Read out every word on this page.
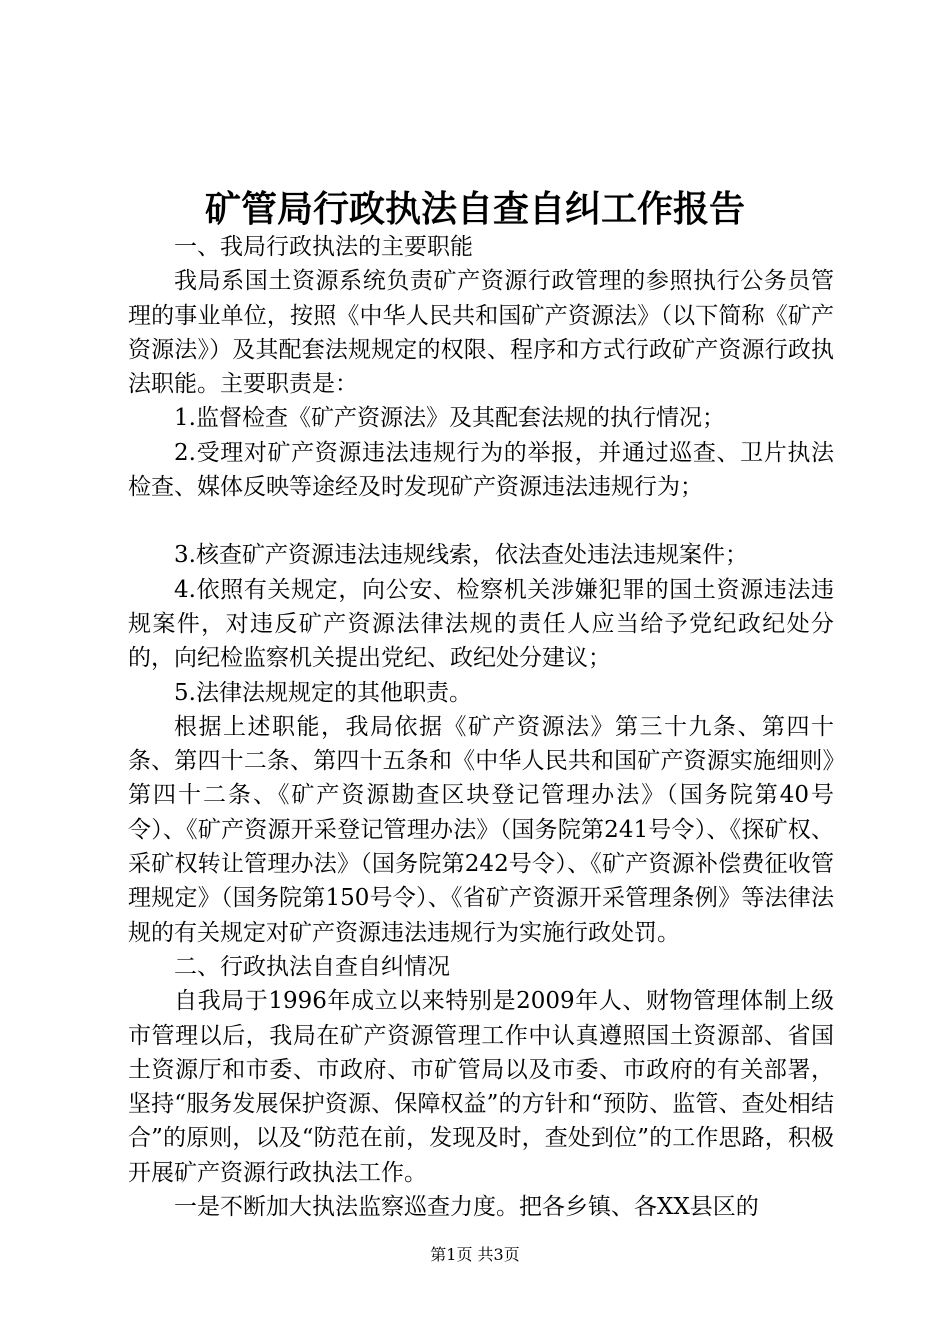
矿管局行政执法自查自纠工作报告

一、我局行政执法的主要职能

我局系国土资源系统负责矿产资源行政管理的参照执行公务员管理的事业单位，按照《中华人民共和国矿产资源法》（以下简称《矿产资源法》）及其配套法规规定的权限、程序和方式行政矿产资源行政执法职能。主要职责是：

1.监督检查《矿产资源法》及其配套法规的执行情况；

2.受理对矿产资源违法违规行为的举报，并通过巡查、卫片执法检查、媒体反映等途经及时发现矿产资源违法违规行为；

3.核查矿产资源违法违规线索，依法查处违法违规案件；

4.依照有关规定，向公安、检察机关涉嫌犯罪的国土资源违法违规案件，对违反矿产资源法律法规的责任人应当给予党纪政纪处分的，向纪检监察机关提出党纪、政纪处分建议；

5.法律法规规定的其他职责。

根据上述职能，我局依据《矿产资源法》第三十九条、第四十条、第四十二条、第四十五条和《中华人民共和国矿产资源实施细则》第四十二条、《矿产资源勘查区块登记管理办法》（国务院第40号令）、《矿产资源开采登记管理办法》（国务院第241号令）、《探矿权、采矿权转让管理办法》（国务院第242号令）、《矿产资源补偿费征收管理规定》（国务院第150号令）、《省矿产资源开采管理条例》等法律法规的有关规定对矿产资源违法违规行为实施行政处罚。

二、行政执法自查自纠情况

自我局于1996年成立以来特别是2009年人、财物管理体制上级市管理以后，我局在矿产资源管理工作中认真遵照国土资源部、省国土资源厅和市委、市政府、市矿管局以及市委、市政府的有关部署，坚持“服务发展保护资源、保障权益”的方针和“预防、监管、查处相结合”的原则，以及“防范在前，发现及时，查处到位”的工作思路，积极开展矿产资源行政执法工作。

一是不断加大执法监察巡查力度。把各乡镇、各XX县区的

第1页 共3页
